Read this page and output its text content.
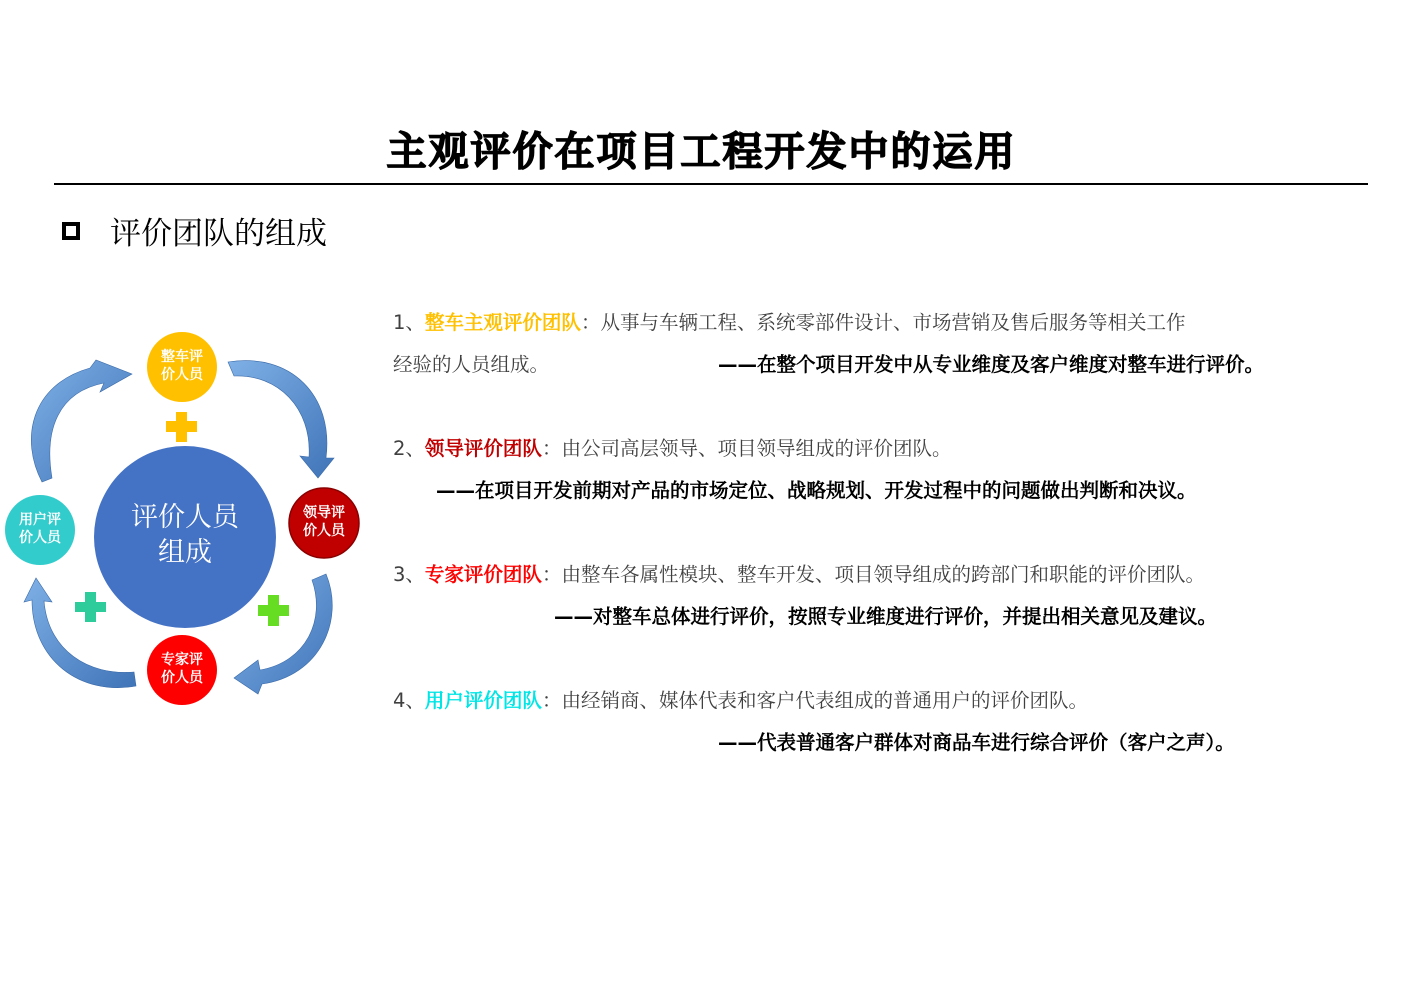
主观评价在项目工程开发中的运用
评价团队的组成
评价人员
组成
整车评
价人员
领导评
价人员
专家评
价人员
用户评
价人员
1、整车主观评价团队：从事与车辆工程、系统零部件设计、市场营销及售后服务等相关工作
经验的人员组成。	——在整个项目开发中从专业维度及客户维度对整车进行评价。
2、领导评价团队：由公司高层领导、项目领导组成的评价团队。
——在项目开发前期对产品的市场定位、战略规划、开发过程中的问题做出判断和决议。
3、专家评价团队：由整车各属性模块、整车开发、项目领导组成的跨部门和职能的评价团队。
——对整车总体进行评价，按照专业维度进行评价，并提出相关意见及建议。
4、用户评价团队：由经销商、媒体代表和客户代表组成的普通用户的评价团队。
——代表普通客户群体对商品车进行综合评价（客户之声）。
